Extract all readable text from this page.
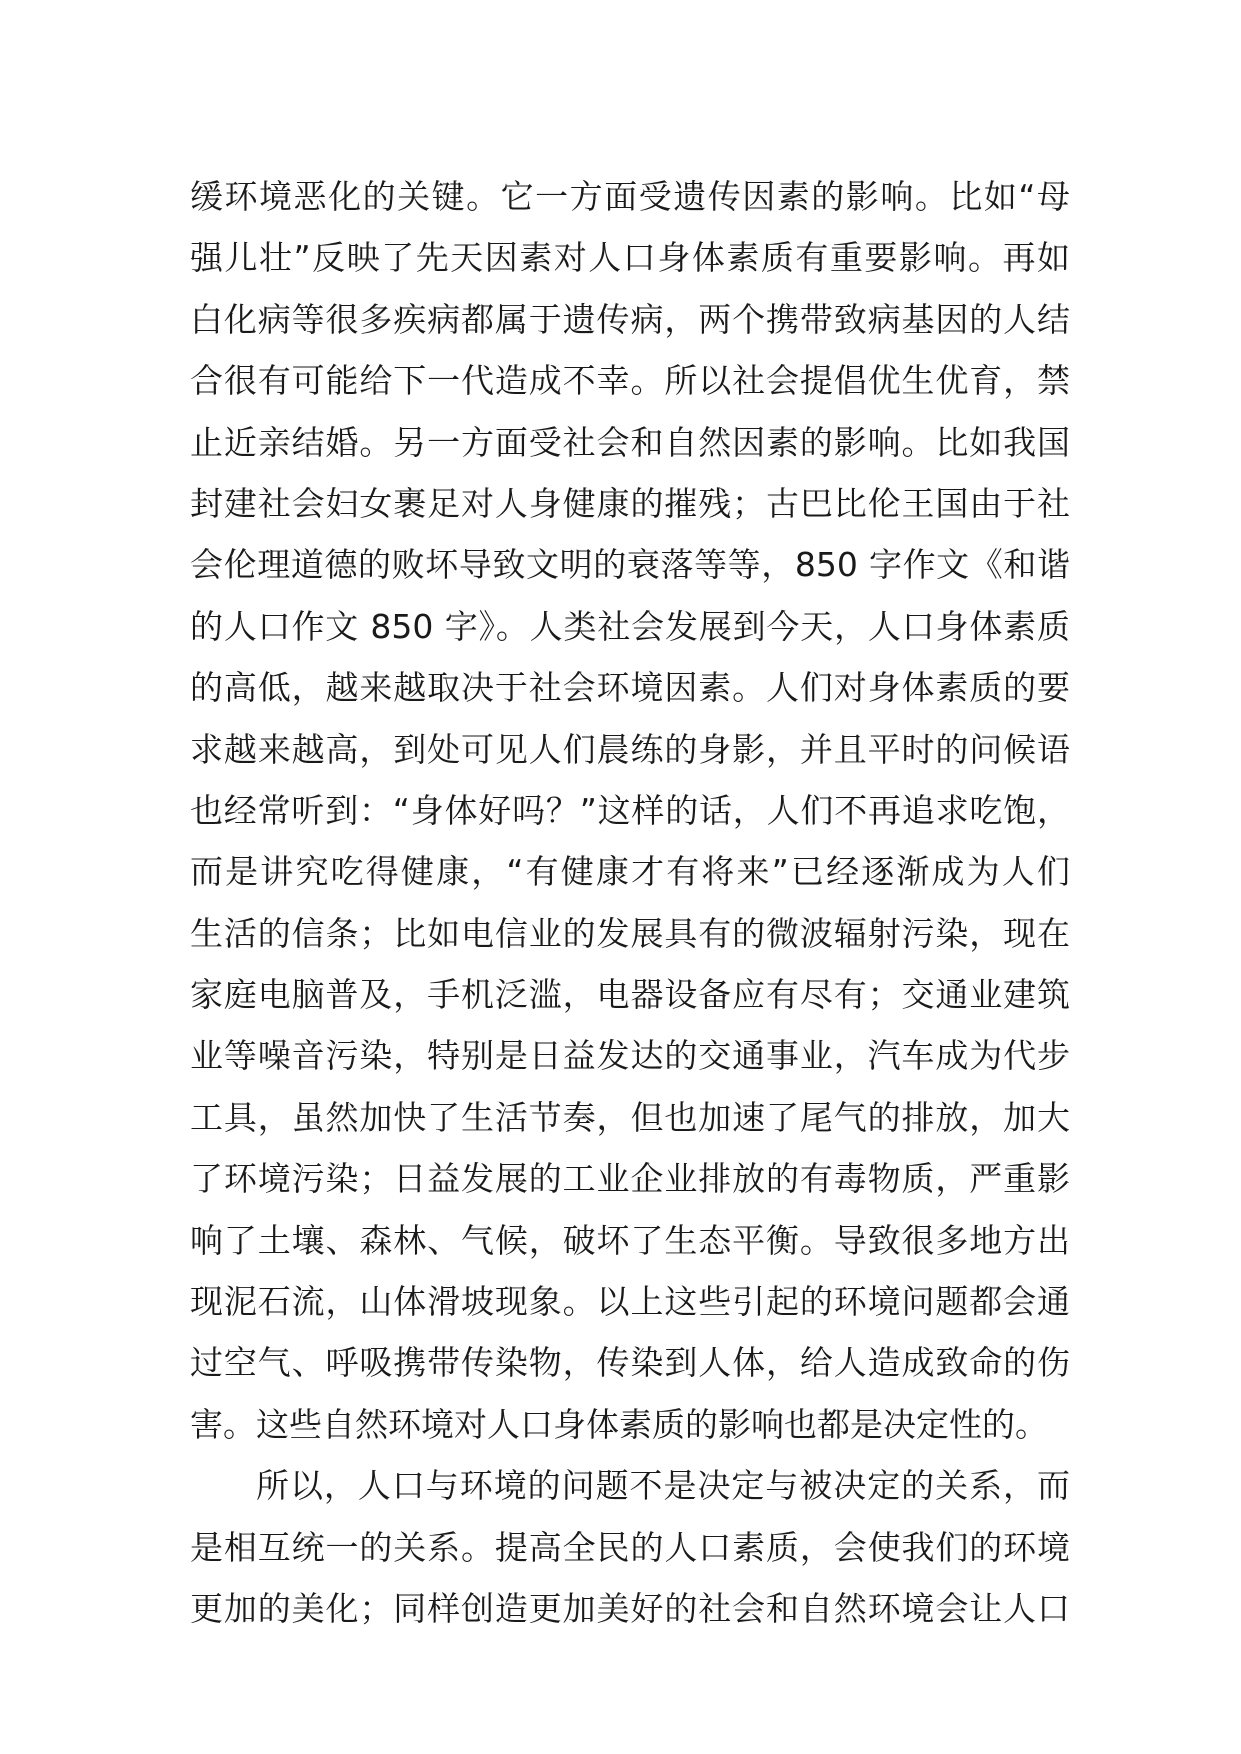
缓环境恶化的关键。它一方面受遗传因素的影响。比如“母
强儿壮”反映了先天因素对人口身体素质有重要影响。再如
白化病等很多疾病都属于遗传病，两个携带致病基因的人结
合很有可能给下一代造成不幸。所以社会提倡优生优育，禁
止近亲结婚。另一方面受社会和自然因素的影响。比如我国
封建社会妇女裹足对人身健康的摧残；古巴比伦王国由于社
会伦理道德的败坏导致文明的衰落等等，850 字作文《和谐
的人口作文 850 字》。人类社会发展到今天，人口身体素质
的高低，越来越取决于社会环境因素。人们对身体素质的要
求越来越高，到处可见人们晨练的身影，并且平时的问候语
也经常听到：“身体好吗？”这样的话，人们不再追求吃饱，
而是讲究吃得健康，“有健康才有将来”已经逐渐成为人们
生活的信条；比如电信业的发展具有的微波辐射污染，现在
家庭电脑普及，手机泛滥，电器设备应有尽有；交通业建筑
业等噪音污染，特别是日益发达的交通事业，汽车成为代步
工具，虽然加快了生活节奏，但也加速了尾气的排放，加大
了环境污染；日益发展的工业企业排放的有毒物质，严重影
响了土壤、森林、气候，破坏了生态平衡。导致很多地方出
现泥石流，山体滑坡现象。以上这些引起的环境问题都会通
过空气、呼吸携带传染物，传染到人体，给人造成致命的伤
害。这些自然环境对人口身体素质的影响也都是决定性的。
所以，人口与环境的问题不是决定与被决定的关系，而
是相互统一的关系。提高全民的人口素质，会使我们的环境
更加的美化；同样创造更加美好的社会和自然环境会让人口
